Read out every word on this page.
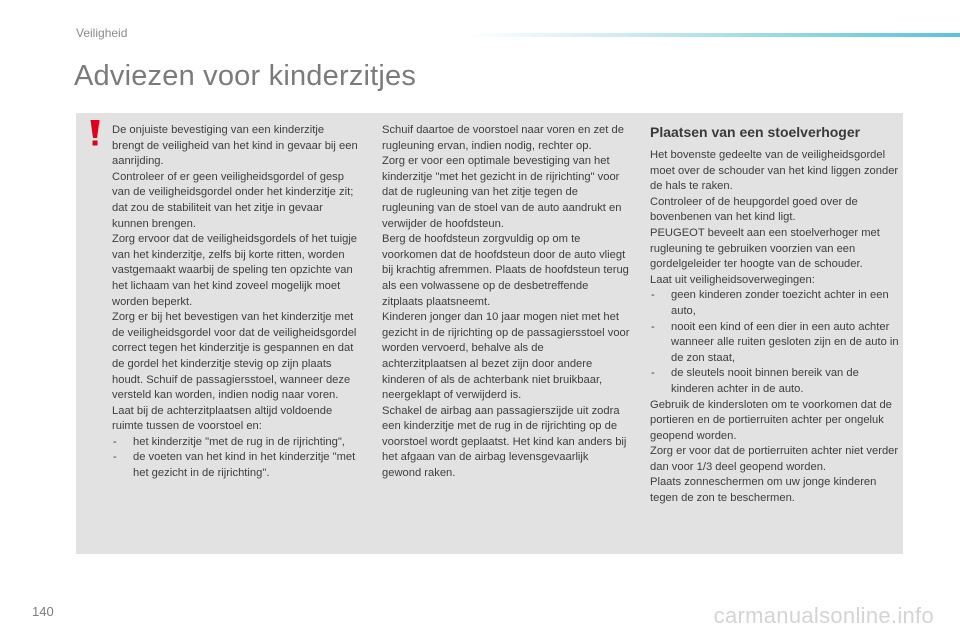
Veiligheid
Adviezen voor kinderzitjes

De onjuiste bevestiging van een kinderzitje brengt de veiligheid van het kind in gevaar bij een aanrijding.

Controleer of er geen veiligheidsgordel of gesp van de veiligheidsgordel onder het kinderzitje zit; dat zou de stabiliteit van het zitje in gevaar kunnen brengen.

Zorg ervoor dat de veiligheidsgordels of het tuigje van het kinderzitje, zelfs bij korte ritten, worden vastgemaakt waarbij de speling ten opzichte van het lichaam van het kind zoveel mogelijk moet worden beperkt.

Zorg er bij het bevestigen van het kinderzitje met de veiligheidsgordel voor dat de veiligheidsgordel correct tegen het kinderzitje is gespannen en dat de gordel het kinderzitje stevig op zijn plaats houdt. Schuif de passagiersstoel, wanneer deze versteld kan worden, indien nodig naar voren.

Laat bij de achterzitplaatsen altijd voldoende ruimte tussen de voorstoel en:

- het kinderzitje "met de rug in de rijrichting",
- de voeten van het kind in het kinderzitje "met het gezicht in de rijrichting".

Schuif daartoe de voorstoel naar voren en zet de rugleuning ervan, indien nodig, rechter op.

Zorg er voor een optimale bevestiging van het kinderzitje "met het gezicht in de rijrichting" voor dat de rugleuning van het zitje tegen de rugleuning van de stoel van de auto aandrukt en verwijder de hoofdsteun.

Berg de hoofdsteun zorgvuldig op om te voorkomen dat de hoofdsteun door de auto vliegt bij krachtig afremmen. Plaats de hoofdsteun terug als een volwassene op de desbetreffende zitplaats plaatsneemt.

Kinderen jonger dan 10 jaar mogen niet met het gezicht in de rijrichting op de passagiersstoel voor worden vervoerd, behalve als de achterzitplaatsen al bezet zijn door andere kinderen of als de achterbank niet bruikbaar, neergeklapt of verwijderd is.

Schakel de airbag aan passagierszijde uit zodra een kinderzitje met de rug in de rijrichting op de voorstoel wordt geplaatst. Het kind kan anders bij het afgaan van de airbag levensgevaarlijk gewond raken.

Plaatsen van een stoelverhoger

Het bovenste gedeelte van de veiligheidsgordel moet over de schouder van het kind liggen zonder de hals te raken.

Controleer of de heupgordel goed over de bovenbenen van het kind ligt.

PEUGEOT beveelt aan een stoelverhoger met rugleuning te gebruiken voorzien van een gordelgeleider ter hoogte van de schouder.

Laat uit veiligheidsoverwegingen:

- geen kinderen zonder toezicht achter in een auto,
- nooit een kind of een dier in een auto achter wanneer alle ruiten gesloten zijn en de auto in de zon staat,
- de sleutels nooit binnen bereik van de kinderen achter in de auto.

Gebruik de kindersloten om te voorkomen dat de portieren en de portierruiten achter per ongeluk geopend worden.

Zorg er voor dat de portierruiten achter niet verder dan voor 1/3 deel geopend worden.

Plaats zonneschermen om uw jonge kinderen tegen de zon te beschermen.

140	carmanualsonline.info
